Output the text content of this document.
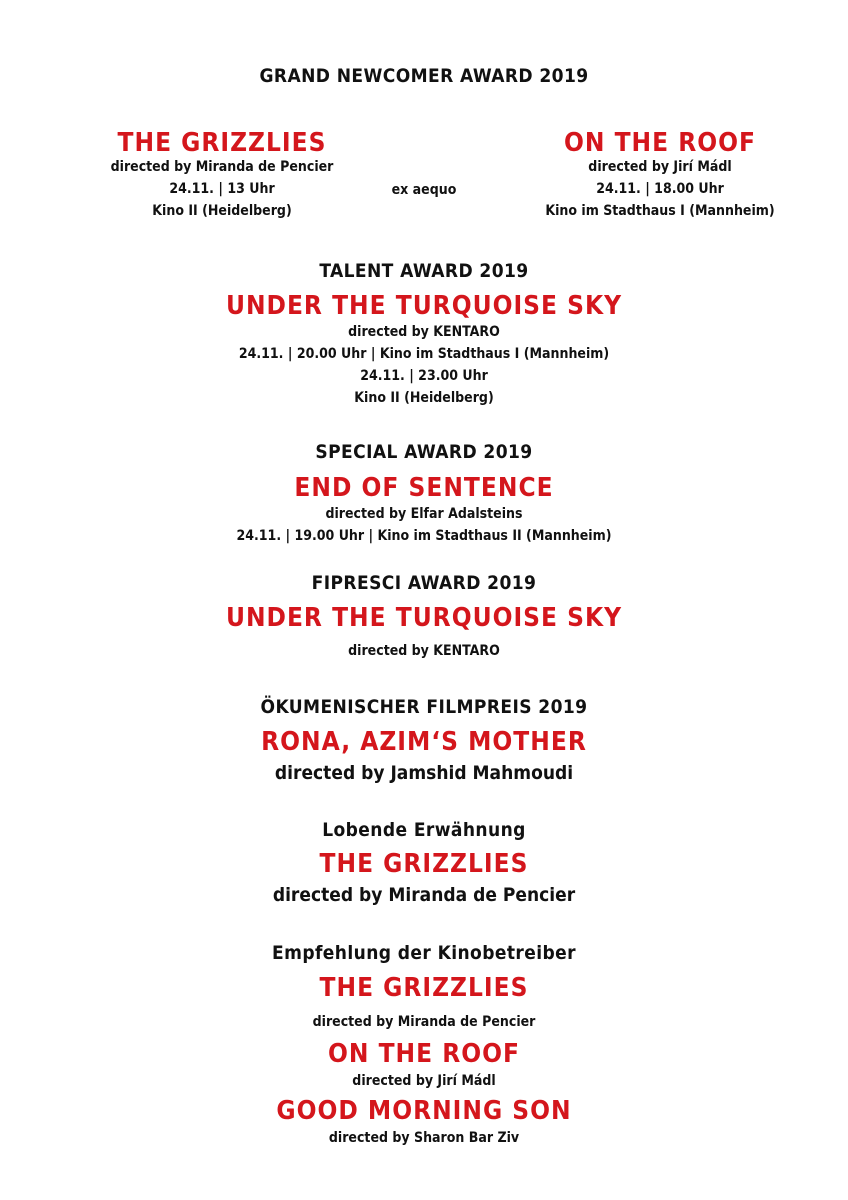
GRAND NEWCOMER AWARD 2019
THE GRIZZLIES
directed by Miranda de Pencier
24.11. | 13 Uhr
Kino II (Heidelberg)
ex aequo
ON THE ROOF
directed by Jirí Mádl
24.11. | 18.00 Uhr
Kino im Stadthaus I (Mannheim)
TALENT AWARD 2019
UNDER THE TURQUOISE SKY
directed by KENTARO
24.11. | 20.00 Uhr | Kino im Stadthaus I (Mannheim)
24.11. | 23.00 Uhr
Kino II (Heidelberg)
SPECIAL AWARD 2019
END OF SENTENCE
directed by Elfar Adalsteins
24.11. | 19.00 Uhr | Kino im Stadthaus II (Mannheim)
FIPRESCI AWARD 2019
UNDER THE TURQUOISE SKY
directed by KENTARO
ÖKUMENISCHER FILMPREIS 2019
RONA, AZIM‘S MOTHER
directed by Jamshid Mahmoudi
Lobende Erwähnung
THE GRIZZLIES
directed by Miranda de Pencier
Empfehlung der Kinobetreiber
THE GRIZZLIES
directed by Miranda de Pencier
ON THE ROOF
directed by Jirí Mádl
GOOD MORNING SON
directed by Sharon Bar Ziv
